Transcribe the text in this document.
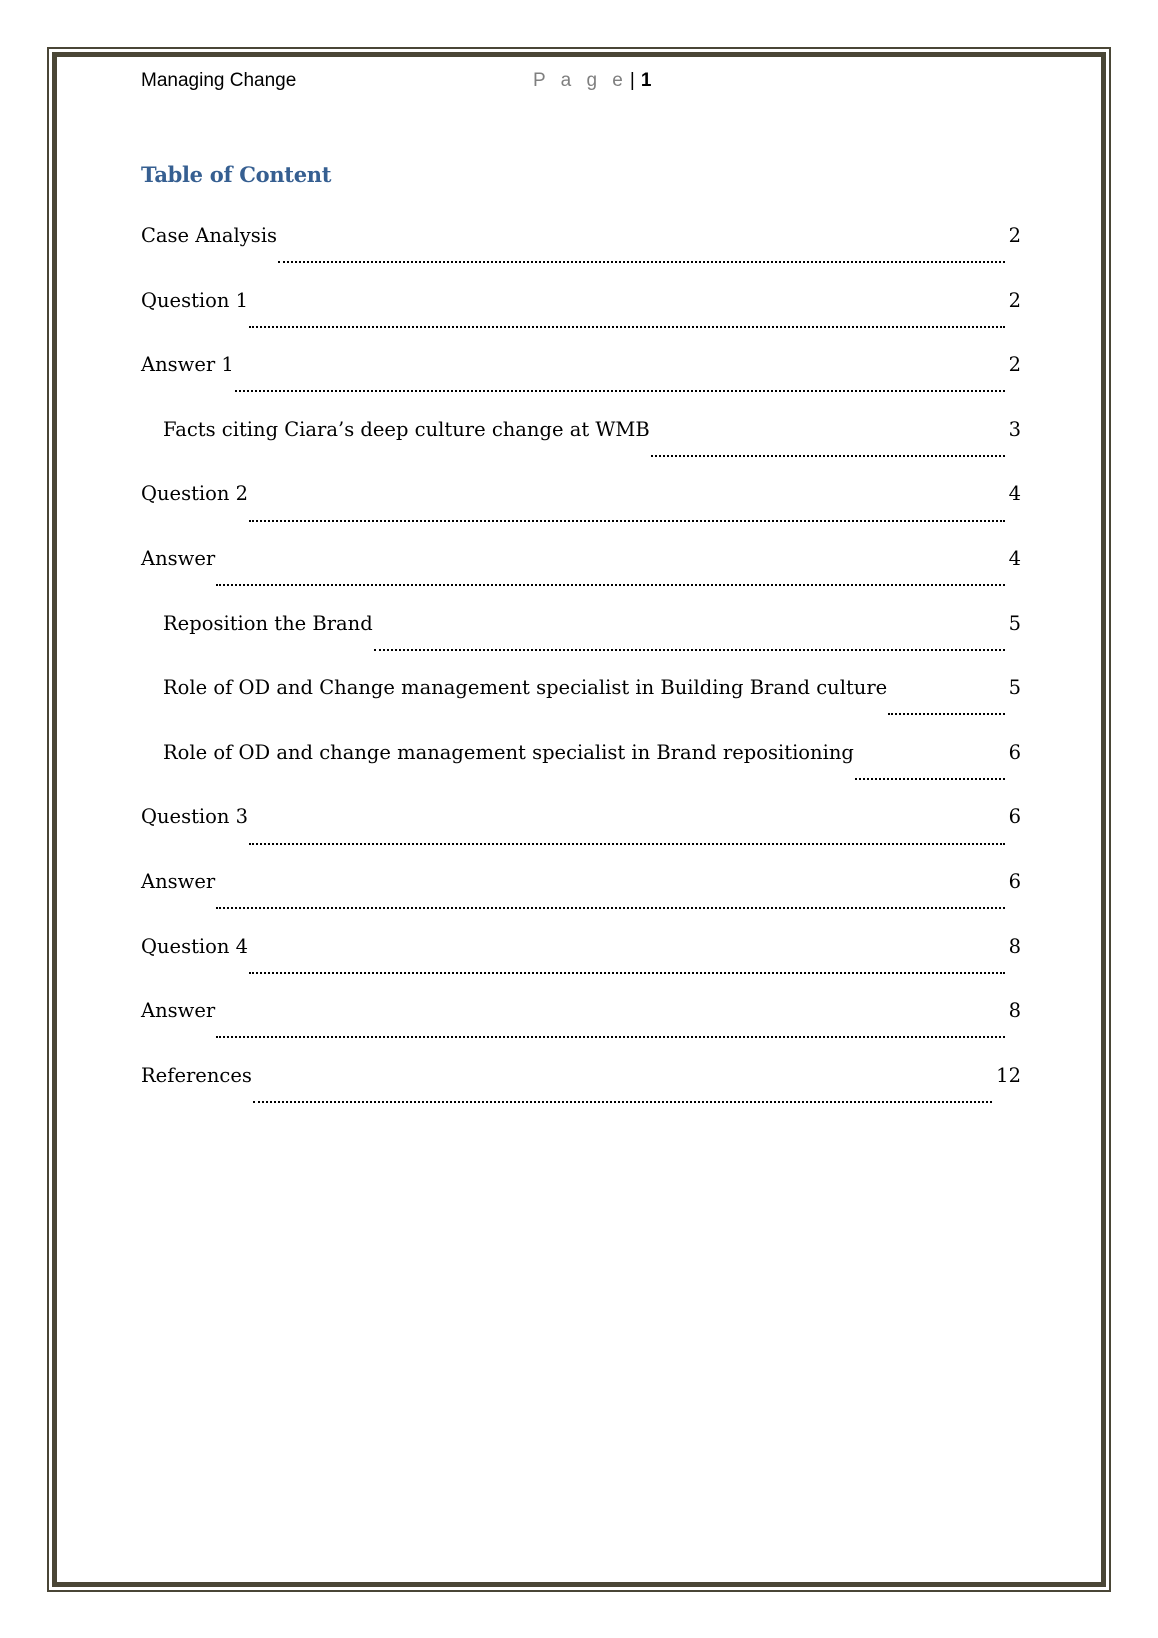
Managing Change	P a g e | 1
Table of Content
Case Analysis	2
Question 1	2
Answer 1	2
Facts citing Ciara’s deep culture change at WMB	3
Question 2	4
Answer	4
Reposition the Brand	5
Role of OD and Change management specialist in Building Brand culture	5
Role of OD and change management specialist in Brand repositioning	6
Question 3	6
Answer	6
Question 4	8
Answer	8
References	12
